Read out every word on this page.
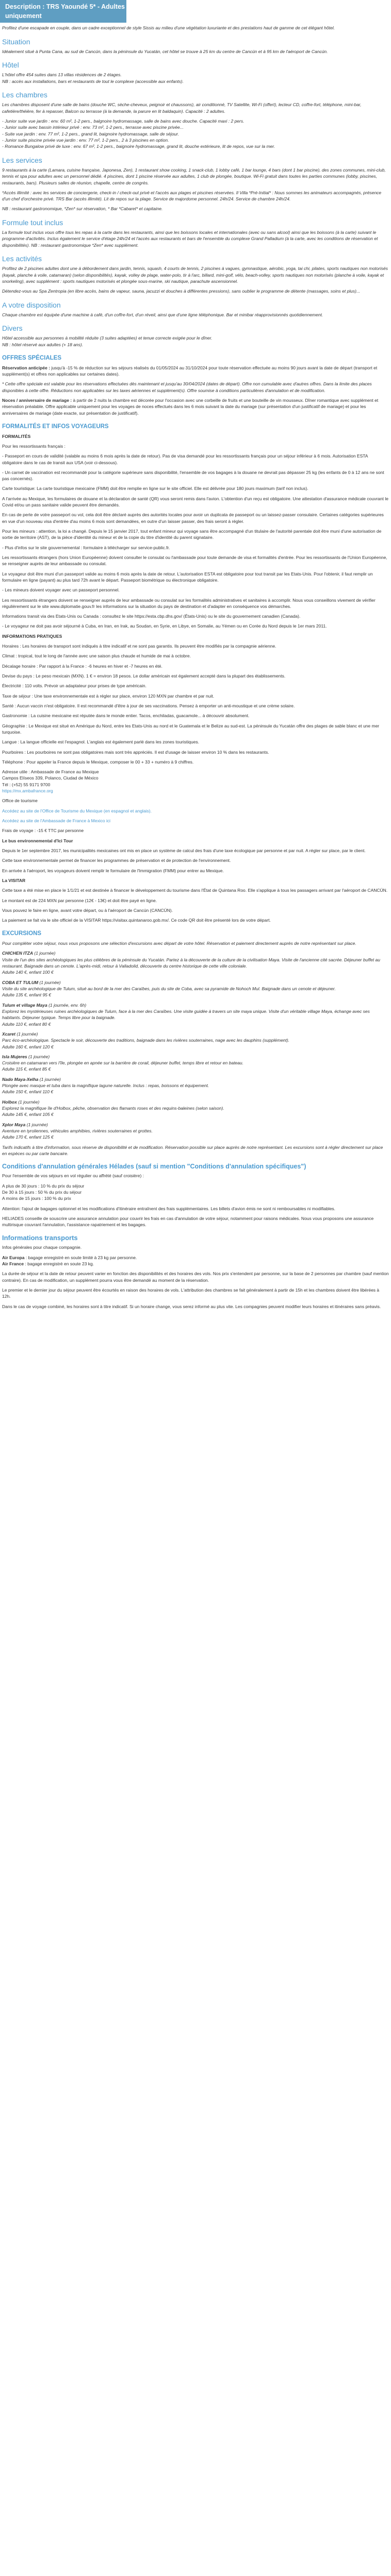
Description : TRS Yaoundé 5* - Adultes uniquement

Profitez d'une escapade en couple, dans un cadre exceptionnel de style Sissis au milieu d'une végétation luxuriante et des prestations haut de gamme de cet élégant hôtel.

Situation

Idéalement situé à Punta Cana, au sud de Cancún, dans la péninsule du Yucatán, cet hôtel se trouve à 25 km du centre de Cancún et à 95 km de l'aéroport de Cancún.

Hôtel

L'hôtel offre 454 suites dans 13 villas résidences de 2 étages.
NB : accès aux installations, bars et restaurants de tout le complexe (accessible aux enfants).

Les chambres

Les chambres disposent d'une salle de bains (douche WC, sèche-cheveux, peignoir et chaussons), air conditionné, TV Satellite, Wi-Fi (offert), lecteur CD, coffre-fort, téléphone, mini-bar, cafetière/théière, fer à repasser, Balcon ou terrasse (à la demande, la parure en lit baldaquin). Capacité : 2 adultes.

- Junior suite vue jardin : env. 60 m², 1-2 pers., balgnoire hydromassage, salle de bains avec douche. Capacité maxi : 2 pers.
- Junior suite avec bassin intérieur privé : env. 73 m², 1-2 pers., terrasse avec piscine privée...
- Suite vue jardin : env. 77 m², 1-2 pers., grand lit, baignoire hydromassage, salle de séjour.
- Junior suite piscine privée vue jardin : env. 77 m², 1-2 pers., 2 à 3 piscines en option.
- Romance Bungalow privé de luxe : env. 67 m², 1-2 pers., baignoire hydromassage, grand lit, douche extérieure, lit de repos, vue sur la mer.

Les services

9 restaurants à la carte (Lamara, cuisine française, Japonesa, Zen), 1 restaurant show cooking, 1 snack-club, 1 lobby café, 1 bar lounge, 4 bars (dont 1 bar piscine), des zones communes, mini-club, tennis et spa pour adultes avec un personnel dédié. 4 piscines, dont 1 piscine réservée aux adultes, 1 club de plongée, boutique. Wi-Fi gratuit dans toutes les parties communes (lobby, piscines, restaurants, bars). Plusieurs salles de réunion, chapelle, centre de congrès.

*Accès illimité : avec les services de conciergerie, check-in / check-out privé et l'accès aux plages et piscines réservées. Il Villa *Pré-Initial* : Nous sommes les animateurs accompagnés, présence d'un chef d'orchestre privé. TRS Bar (accès illimité). Lit de repos sur la plage. Service de majordome personnel. 24h/24. Service de chambre 24h/24.

NB : restaurant gastronomique, *Zen* sur réservation, * Bar *Cabaret* et capitaine.

Formule tout inclus

La formule tout inclus vous offre tous les repas à la carte dans les restaurants, ainsi que les boissons locales et internationales (avec ou sans alcool) ainsi que les boissons (à la carte) suivant le programme d'activités. Inclus également le service d'étage 24h/24 et l'accès aux restaurants et bars de l'ensemble du complexe Grand Palladium (à la carte, avec les conditions de réservation et disponibilités). NB : restaurant gastronomique *Zen* avec supplément.

Les activités

Profitez de 2 piscines adultes dont une à débordement dans jardin, tennis, squash, 4 courts de tennis, 2 piscines à vagues, gymnastique, aérobic, yoga, tai chi, pilates, sports nautiques non motorisés (kayak, planche à voile, catamaran) (selon disponibilités), kayak, volley de plage, water-polo, tir à l'arc, billard, mini-golf, vélo, beach-volley, sports nautiques non motorisés (planche à voile, kayak et snorkeling), avec supplément : sports nautiques motorisés et plongée sous-marine, ski nautique, parachute ascensionnel.

Détendez-vous au Spa Zentropia (en libre accès, bains de vapeur, sauna, jacuzzi et douches à différentes pressions), sans oublier le programme de détente (massages, soins et plus)...

A votre disposition

Chaque chambre est équipée d'une machine à café, d'un coffre-fort, d'un réveil, ainsi que d'une ligne téléphonique. Bar et minibar réapprovisionnés quotidiennement.

Divers

Hôtel accessible aux personnes à mobilité réduite (3 suites adaptées) et tenue correcte exigée pour le dîner.
NB : hôtel réservé aux adultes (+ 18 ans).

OFFRES SPÉCIALES

Réservation anticipée : jusqu'à -15 % de réduction sur les séjours réalisés du 01/05/2024 au 31/10/2024 pour toute réservation effectuée au moins 90 jours avant la date de départ (transport et supplément(s) et offres non applicables sur certaines dates).

* Cette offre spéciale est valable pour les réservations effectuées dès maintenant et jusqu'au 30/04/2024 (dates de départ). Offre non cumulable avec d'autres offres. Dans la limite des places disponibles à cette offre. Réductions non applicables sur les taxes aériennes et supplément(s). Offre soumise à conditions particulières d'annulation et de modification.

Noces / anniversaire de mariage : à partir de 2 nuits la chambre est décorée pour l'occasion avec une corbeille de fruits et une bouteille de vin mousseux. Dîner romantique avec supplément et réservation préalable. Offre applicable uniquement pour les voyages de noces effectués dans les 6 mois suivant la date du mariage (sur présentation d'un justificatif de mariage) et pour les anniversaires de mariage (date exacte, sur présentation de justificatif).

FORMALITÉS ET INFOS VOYAGEURS

FORMALITÉS

Pour les ressortissants français :

- Passeport en cours de validité (valable au moins 6 mois après la date de retour). Pas de visa demandé pour les ressortissants français pour un séjour inférieur à 6 mois. Autorisation ESTA obligatoire dans le cas de transit aux USA (voir ci-dessous).

- Un carnet de vaccination est recommandé pour la catégorie supérieure sans disponibilité, l'ensemble de vos bagages à la douane ne devrait pas dépasser 25 kg (les enfants de 0 à 12 ans ne sont pas concernés).

Carte touristique: La carte touristique mexicaine (FMM) doit être remplie en ligne sur le site officiel. Elle est délivrée pour 180 jours maximum (tarif non inclus).

A l'arrivée au Mexique, les formulaires de douane et la déclaration de santé (QR) vous seront remis dans l'avion. L'obtention d'un reçu est obligatoire. Une attestation d'assurance médicale couvrant le Covid et/ou un pass sanitaire valide peuvent être demandés.

En cas de perte de votre passeport ou vol, cela doit être déclaré auprès des autorités locales pour avoir un duplicata de passeport ou un laissez-passer consulaire. Certaines catégories supérieures en vue d'un nouveau visa d'entrée d'au moins 6 mois sont demandées, en outre d'un laisser passer, des frais seront à régler.

Pour les mineurs : attention, la loi a changé. Depuis le 15 janvier 2017, tout enfant mineur qui voyage sans être accompagné d'un titulaire de l'autorité parentale doit être muni d'une autorisation de sortie de territoire (AST), de la pièce d'identité du mineur et de la copie du titre d'identité du parent signataire.

- Plus d'infos sur le site gouvernemental : formulaire à télécharger sur service-public.fr.

Les ressortissants étrangers (hors Union Européenne) doivent consulter le consulat ou l'ambassade pour toute demande de visa et formalités d'entrée. Pour les ressortissants de l'Union Européenne, se renseigner auprès de leur ambassade ou consulat.

Le voyageur doit être muni d'un passeport valide au moins 6 mois après la date de retour. L'autorisation ESTA est obligatoire pour tout transit par les Etats-Unis. Pour l'obtenir, il faut remplir un formulaire en ligne (payant) au plus tard 72h avant le départ. Passeport biométrique ou électronique obligatoire.

- Les mineurs doivent voyager avec un passeport personnel.

Les ressortissants étrangers doivent se renseigner auprès de leur ambassade ou consulat sur les formalités administratives et sanitaires à accomplir. Nous vous conseillons vivement de vérifier régulièrement sur le site www.diplomatie.gouv.fr les informations sur la situation du pays de destination et d'adapter en conséquence vos démarches.

Informations transit via des Etats-Unis ou Canada : consultez le site https://esta.cbp.dhs.gov/ (États-Unis) ou le site du gouvernement canadien (Canada).

- Le voyageur ne doit pas avoir séjourné à Cuba, en Iran, en Irak, au Soudan, en Syrie, en Libye, en Somalie, au Yémen ou en Corée du Nord depuis le 1er mars 2011.

INFORMATIONS PRATIQUES

Horaires : Les horaires de transport sont indiqués à titre indicatif et ne sont pas garantis. Ils peuvent être modifiés par la compagnie aérienne.

Climat : tropical, tout le long de l'année avec une saison plus chaude et humide de mai à octobre.

Décalage horaire : Par rapport à la France : -6 heures en hiver et -7 heures en été.

Devise du pays : Le peso mexicain (MXN). 1 € = environ 18 pesos. Le dollar américain est également accepté dans la plupart des établissements.

Électricité : 110 volts. Prévoir un adaptateur pour prises de type américain.

Taxe de séjour : Une taxe environnementale est à régler sur place, environ 120 MXN par chambre et par nuit.

Santé : Aucun vaccin n'est obligatoire. Il est recommandé d'être à jour de ses vaccinations. Pensez à emporter un anti-moustique et une crème solaire.

Gastronomie : La cuisine mexicaine est réputée dans le monde entier. Tacos, enchiladas, guacamole... à découvrir absolument.

Géographie : Le Mexique est situé en Amérique du Nord, entre les Etats-Unis au nord et le Guatemala et le Belize au sud-est. La péninsule du Yucatán offre des plages de sable blanc et une mer turquoise.

Langue : La langue officielle est l'espagnol. L'anglais est également parlé dans les zones touristiques.

Pourboires : Les pourboires ne sont pas obligatoires mais sont très appréciés. Il est d'usage de laisser environ 10 % dans les restaurants.

Téléphone : Pour appeler la France depuis le Mexique, composer le 00 + 33 + numéro à 9 chiffres.

Adresse utile : Ambassade de France au Mexique

Campos Elíseos 339, Polanco, Ciudad de México

Tél : (+52) 55 9171 9700

https://mx.ambafrance.org

Office de tourisme

Accédez au site de l'Office de Tourisme du Mexique (en espagnol et anglais).

Accédez au site de l'Ambassade de France à Mexico ici

Frais de voyage : -15 € TTC par personne

Le bus environnemental d'Ici Tour

Depuis le 1er septembre 2017, les municipalités mexicaines ont mis en place un système de calcul des frais d'une taxe écologique par personne et par nuit. A régler sur place, par le client.

Cette taxe environnementale permet de financer les programmes de préservation et de protection de l'environnement.

En arrivée à l'aéroport, les voyageurs doivent remplir le formulaire de l'Immigration (FMM) pour entrer au Mexique.

La VISITAR

Cette taxe a été mise en place le 1/1/21 et est destinée à financer le développement du tourisme dans l'État de Quintana Roo. Elle s'applique à tous les passagers arrivant par l'aéroport de CANCÚN.

Le montant est de 224 MXN par personne (12€ - 13€) et doit être payé en ligne.

Vous pouvez le faire en ligne, avant votre départ, ou à l'aéroport de Cancún (CANCÚN).

La paiement se fait via le site officiel de la VISITAR https://visitax.quintanaroo.gob.mx/. Ce code QR doit être présenté lors de votre départ.

EXCURSIONS

Pour compléter votre séjour, nous vous proposons une sélection d'excursions avec départ de votre hôtel. Réservation et paiement directement auprès de notre représentant sur place.

CHICHEN ITZA (1 journée)

Visite de l'un des sites archéologiques les plus célèbres de la péninsule du Yucatán. Partez à la découverte de la culture de la civilisation Maya. Visite de l'ancienne cité sacrée. Déjeuner buffet au restaurant. Baignade dans un cenote. L'après-midi, retour à Valladolid, découverte du centre historique de cette ville coloniale.
Adulte 140 €, enfant 100 €

COBA ET TULUM (1 journée)

Visite du site archéologique de Tulum, situé au bord de la mer des Caraïbes, puis du site de Coba, avec sa pyramide de Nohoch Mul. Baignade dans un cenote et déjeuner.
Adulte 135 €, enfant 95 €

Tulum et village Maya (1 journée, env. 6h)

Explorez les mystérieuses ruines archéologiques de Tulum, face à la mer des Caraïbes. Une visite guidée à travers un site maya unique. Visite d'un véritable village Maya, échange avec ses habitants. Déjeuner typique. Temps libre pour la baignade.
Adulte 110 €, enfant 80 €

Xcaret (1 journée)

Parc éco-archéologique. Spectacle le soir, découverte des traditions, baignade dans les rivières souterraines, nage avec les dauphins (supplément).
Adulte 160 €, enfant 120 €

Isla Mujeres (1 journée)

Croisière en catamaran vers l'île, plongée en apnée sur la barrière de corail, déjeuner buffet, temps libre et retour en bateau.
Adulte 115 €, enfant 85 €

Nado Maya-Xelha (1 journée)

Plongée avec masque et tuba dans la magnifique lagune naturelle. Inclus : repas, boissons et équipement.
Adulte 150 €, enfant 110 €

Holbox (1 journée)

Explorez la magnifique île d'Holbox, pêche, observation des flamants roses et des requins-baleines (selon saison).
Adulte 145 €, enfant 105 €

Xplor Maya (1 journée)

Aventure en tyroliennes, véhicules amphibies, rivières souterraines et grottes.
Adulte 170 €, enfant 125 €

Tarifs indicatifs à titre d'information, sous réserve de disponibilité et de modification. Réservation possible sur place auprès de notre représentant. Les excursions sont à régler directement sur place en espèces ou par carte bancaire.

Conditions d'annulation générales Hélades (sauf si mention "Conditions d'annulation spécifiques")

Pour l'ensemble de vos séjours en vol régulier ou affrété (sauf croisière) :

A plus de 30 jours : 10 % du prix du séjour

De 30 à 15 jours : 50 % du prix du séjour

A moins de 15 jours : 100 % du prix

Attention: l'ajout de bagages optionnel et les modifications d'itinéraire entraînent des frais supplémentaires. Les billets d'avion émis ne sont ni remboursables ni modifiables.

HELIADES conseille de souscrire une assurance annulation pour couvrir les frais en cas d'annulation de votre séjour, notamment pour raisons médicales. Nous vous proposons une assurance multirisque couvrant l'annulation, l'assistance rapatriement et les bagages.

Informations transports

Infos générales pour chaque compagnie.

Air Europa : bagage enregistré en soute limité à 23 kg par personne.

Air France : bagage enregistré en soute 23 kg.

La durée de séjour et la date de retour peuvent varier en fonction des disponibilités et des horaires des vols. Nos prix s'entendent par personne, sur la base de 2 personnes par chambre (sauf mention contraire). En cas de modification, un supplément pourra vous être demandé au moment de la réservation.

Le premier et le dernier jour du séjour peuvent être écourtés en raison des horaires de vols. L'attribution des chambres se fait généralement à partir de 15h et les chambres doivent être libérées à 12h.

Dans le cas de voyage combiné, les horaires sont à titre indicatif. Si un horaire change, vous serez informé au plus vite. Les compagnies peuvent modifier leurs horaires et itinéraires sans préavis.
